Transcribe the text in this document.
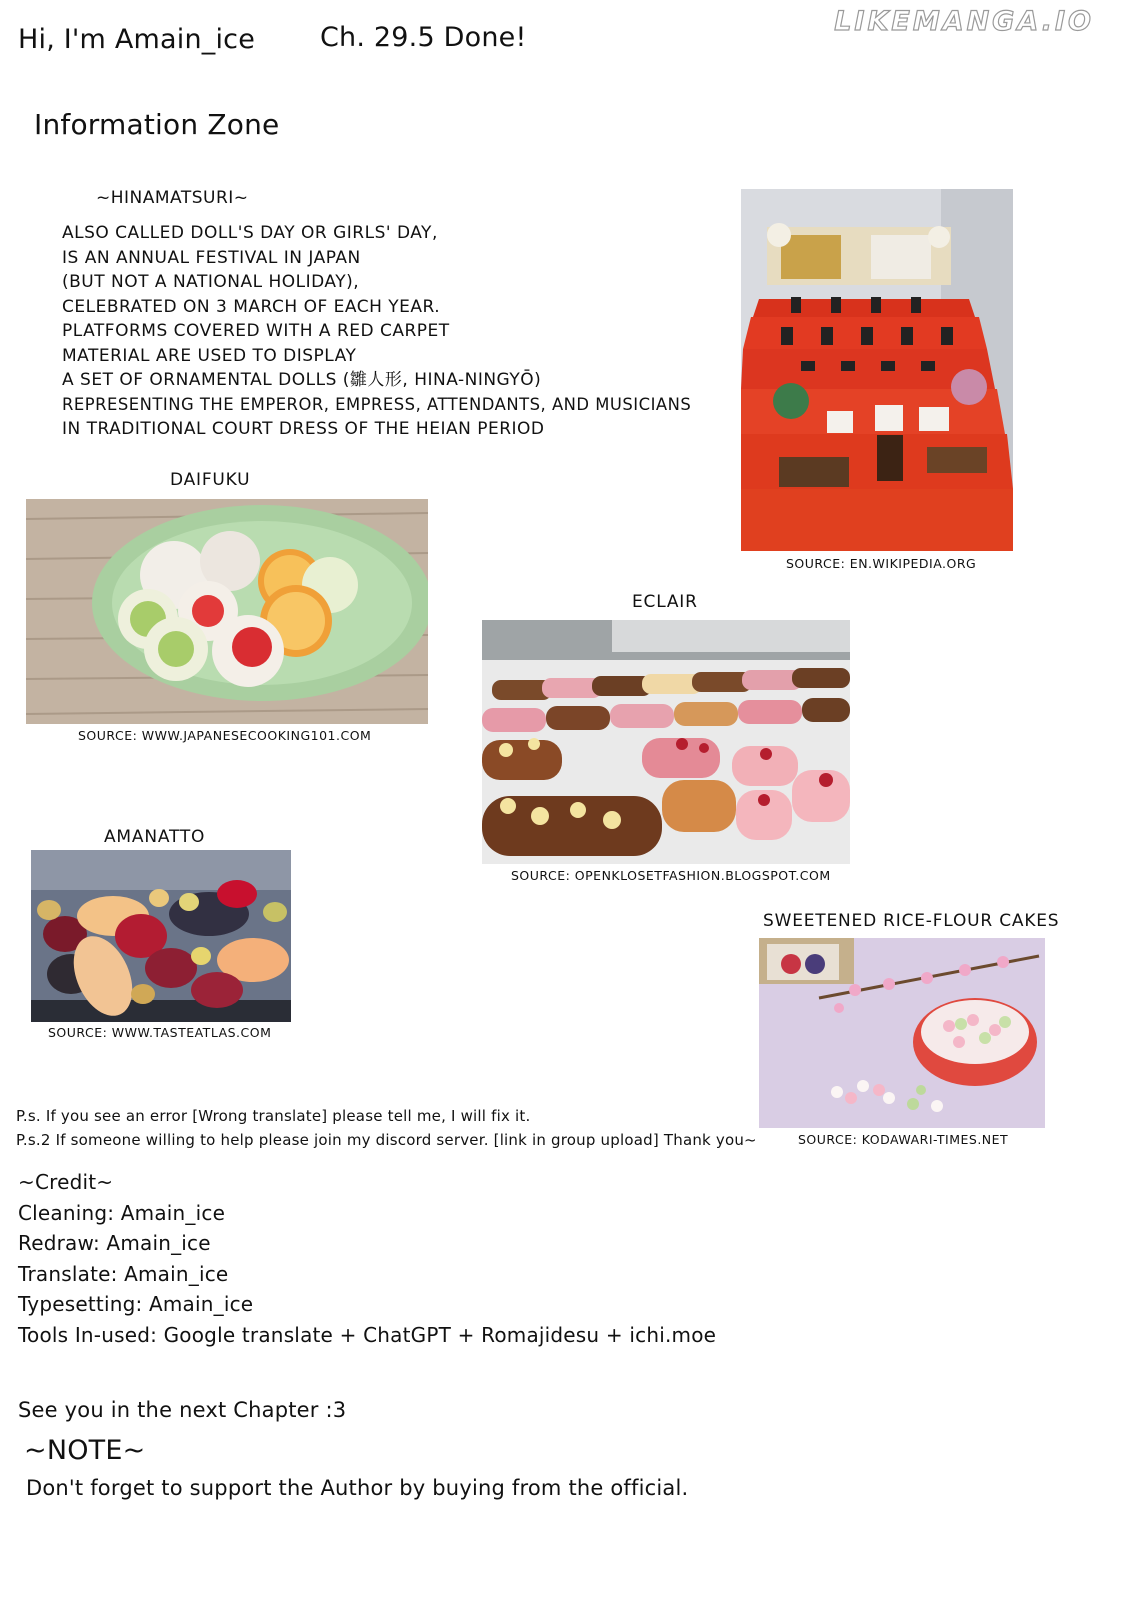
Hi, I'm Amain_ice Ch. 29.5 Done!
LIKEMANGA.IO
Information Zone
~HINAMATSURI~

ALSO CALLED DOLL'S DAY OR GIRLS' DAY,

IS AN ANNUAL FESTIVAL IN JAPAN

(BUT NOT A NATIONAL HOLIDAY),

CELEBRATED ON 3 MARCH OF EACH YEAR.

PLATFORMS COVERED WITH A RED CARPET

MATERIAL ARE USED TO DISPLAY

A SET OF ORNAMENTAL DOLLS (雛人形, HINA-NINGYŌ)

REPRESENTING THE EMPEROR, EMPRESS, ATTENDANTS, AND MUSICIANS

IN TRADITIONAL COURT DRESS OF THE HEIAN PERIOD

SOURCE: EN.WIKIPEDIA.ORG
DAIFUKU
SOURCE: WWW.JAPANESECOOKING101.COM
ECLAIR
SOURCE: OPENKLOSETFASHION.BLOGSPOT.COM
AMANATTO
SOURCE: WWW.TASTEATLAS.COM
SWEETENED RICE-FLOUR CAKES
SOURCE: KODAWARI-TIMES.NET
P.s. If you see an error [Wrong translate] please tell me, I will fix it.
P.s.2 If someone willing to help please join my discord server. [link in group upload] Thank you~
~Credit~
Cleaning: Amain_ice
Redraw: Amain_ice
Translate: Amain_ice
Typesetting: Amain_ice
Tools In-used: Google translate + ChatGPT + Romajidesu + ichi.moe
See you in the next Chapter :3
~NOTE~
Don't forget to support the Author by buying from the official.
